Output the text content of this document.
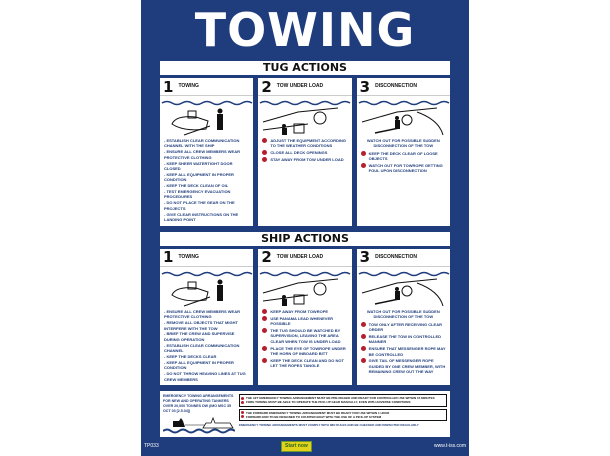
TOWING
TUG ACTIONS
1 TOWING
- ESTABLISH CLEAR COMMUNICATION CHANNEL WITH THE SHIP
- ENSURE ALL CREW MEMBERS WEAR PROTECTIVE CLOTHING
- KEEP SHEER WATERTIGHT DOOR CLOSED
- KEEP ALL EQUIPMENT IN PROPER CONDITION
- KEEP THE DECK CLEAN OF OIL
- TEST EMERGENCY EVACUATION PROCEDURES
- DO NOT PLACE THE GEAR ON THE PROJECTS
- GIVE CLEAR INSTRUCTIONS ON THE LANDING POINT
2 TOW UNDER LOAD
ADJUST THE EQUIPMENT ACCORDING TO THE WEATHER CONDITIONS
CLOSE ALL DECK OPENINGS
STAY AWAY FROM TOW UNDER LOAD
3 DISCONNECTION
WATCH OUT FOR POSSIBLE SUDDEN DISCONNECTION OF THE TOW
KEEP THE DECK CLEAR OF LOOSE OBJECTS
WATCH OUT FOR TOWROPE GETTING FOUL UPON DISCONNECTION
SHIP ACTIONS
1 TOWING
- ENSURE ALL CREW MEMBERS WEAR PROTECTIVE CLOTHING
- REMOVE ALL OBJECTS THAT MIGHT INTERFERE WITH THE TOW
- BRIEF THE CREW AND SUPERVISE DURING OPERATION
- ESTABLISH CLEAR COMMUNICATION CHANNEL
- KEEP THE DECKS CLEAR
- KEEP ALL EQUIPMENT IN PROPER CONDITION
- DO NOT THROW HEAVING LINES AT TUG CREW MEMBERS
2 TOW UNDER LOAD
KEEP AWAY FROM TOWROPE
USE PANAMA LEAD WHENEVER POSSIBLE
THE TUG SHOULD BE WATCHED BY SUPERVISION, LEAVING THE AREA CLEAR WHEN TOW IS UNDER LOAD
PLACE THE EYE OF TOWROPE UNDER THE HORN OF INBOARD BITT
KEEP THE DECK CLEAN AND DO NOT LET THE ROPES TANGLE
3 DISCONNECTION
WATCH OUT FOR POSSIBLE SUDDEN DISCONNECTION OF THE TOW
TOW ONLY AFTER RECEIVING CLEAR ORDER
RELEASE THE TOW IN CONTROLLED MANNER
ENSURE THAT MESSENGER ROPE MAY BE CONTROLLED
GIVE TAIL OF MESSENGER ROPE GUIDED BY ONE CREW MEMBER, WITH REMAINING CREW OUT THE WAY
EMERGENCY TOWING ARRANGEMENTS FOR NEW AND OPERATING TANKERS OVER 20,000 TONNES DW (IMO MSC 35 OCT 03 [2.5.04])
THE AFT EMERGENCY TOWING ARRANGEMENT MUST BE PRE-RIGGED AND READY FOR CONTROLLED USE WITHIN 15 MINUTES
FORE TOWING MUST BE ABLE TO OPERATE THE PICK-UP GEAR MANUALLY, EVEN WITH ADVERSE CONDITIONS
THE FORWARD EMERGENCY TOWING ARRANGEMENT MUST BE READY FOR USE WITHIN 1 HOUR
FORWARD END TO BE DESIGNED TO COUNTER BOAT WITH THE USE OF A PICK-UP SYSTEM
EMERGENCY TOWING ARRANGEMENTS MUST COMPLY WITH IMO RULES AND BE CHECKED AND INSPECTED REGULARLY
TP033	Start now	www.t-iss.com
